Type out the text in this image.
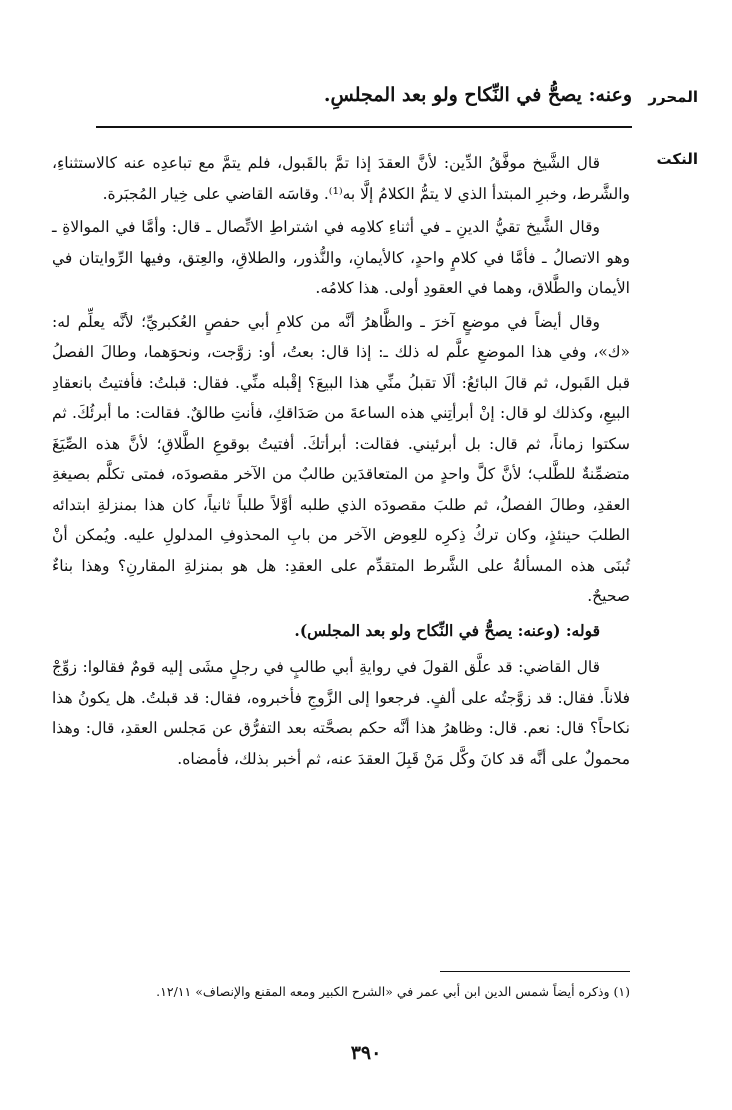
المحرر
وعنه: يصحُّ في النِّكاح ولو بعد المجلسِ.
النكت

قال الشَّيخ موفَّقُ الدِّين: لأنَّ العقدَ إذا تمَّ بالقَبول، فلم يتمَّ مع تباعدِه عنه كالاستثناءِ، والشَّرط، وخبرِ المبتدأ الذي لا يتمُّ الكلامُ إلَّا به⁽¹⁾. وقاسَه القاضي على خِيار المُجبَرة.

وقال الشَّيخ تقيُّ الدينِ ـ في أثناءِ كلامِه في اشتراطِ الاتِّصال ـ قال: وأمَّا في الموالاةِ ـ وهو الاتصالُ ـ فأمَّا في كلامٍ واحدٍ، كالأيمانِ، والنُّذور، والطلاقِ، والعِتق، وفيها الرِّوايتان في الأيمان والطَّلاق، وهما في العقودِ أولى. هذا كلامُه.

وقال أيضاً في موضعٍ آخرَ ـ والظَّاهرُ أنَّه من كلامِ أبي حفصٍ العُكبريِّ؛ لأنَّه يعلِّم له: «ك»، وفي هذا الموضعِ علَّم له ذلك ـ: إذا قال: بعتُ، أو: زوَّجت، ونحوَهما، وطالَ الفصلُ قبل القَبول، ثم قالَ البائعُ: ألَا تقبلُ منِّي هذا البيعَ؟ إقْبله منِّي. فقال: قبلتُ: فأفتيتُ بانعقادِ البيعِ، وكذلك لو قال: إنْ أبرأتِني هذه الساعةَ من صَدَاقكِ، فأنتِ طالقٌ. فقالت: ما أبرئُكَ. ثم سكتوا زماناً، ثم قال: بل أبرئيني. فقالت: أبرأتكَ. أفتيتُ بوقوعِ الطَّلاقِ؛ لأنَّ هذه الصِّيَغَ متضمِّنةٌ للطَّلب؛ لأنَّ كلَّ واحدٍ من المتعاقدَين طالبٌ من الآخر مقصودَه، فمتى تكلَّم بصيغةِ العقدِ، وطالَ الفصلُ، ثم طلبَ مقصودَه الذي طلبه أوَّلاً طلباً ثانياً، كان هذا بمنزلةِ ابتدائه الطلبَ حينئذٍ، وكان تركُ ذِكرِه للعِوض الآخر من بابِ المحذوفِ المدلولِ عليه. ويُمكن أنْ تُبنَى هذه المسألةُ على الشَّرط المتقدِّم على العقدِ: هل هو بمنزلةِ المقارنِ؟ وهذا بناءٌ صحيحٌ.

قوله: (وعنه: يصحُّ في النِّكاح ولو بعد المجلس).

قال القاضي: قد علَّق القولَ في روايةِ أبي طالبٍ في رجلٍ مشَى إليه قومٌ فقالوا: زوِّجْ فلاناً. فقال: قد زوَّجتُه على ألفٍ. فرجعوا إلى الزَّوجِ فأخبروه، فقال: قد قبلتُ. هل يكونُ هذا نكاحاً؟ قال: نعم. قال: وظاهرُ هذا أنَّه حكم بصحَّته بعد التفرُّق عن مَجلس العقدِ، قال: وهذا محمولٌ على أنَّه قد كانَ وكَّل مَنْ قَبِلَ العقدَ عنه، ثم أخبر بذلك، فأمضاه.

(١) وذكره أيضاً شمس الدين ابن أبي عمر في «الشرح الكبير ومعه المقنع والإنصاف» ١٢/١١.
٣٩٠
